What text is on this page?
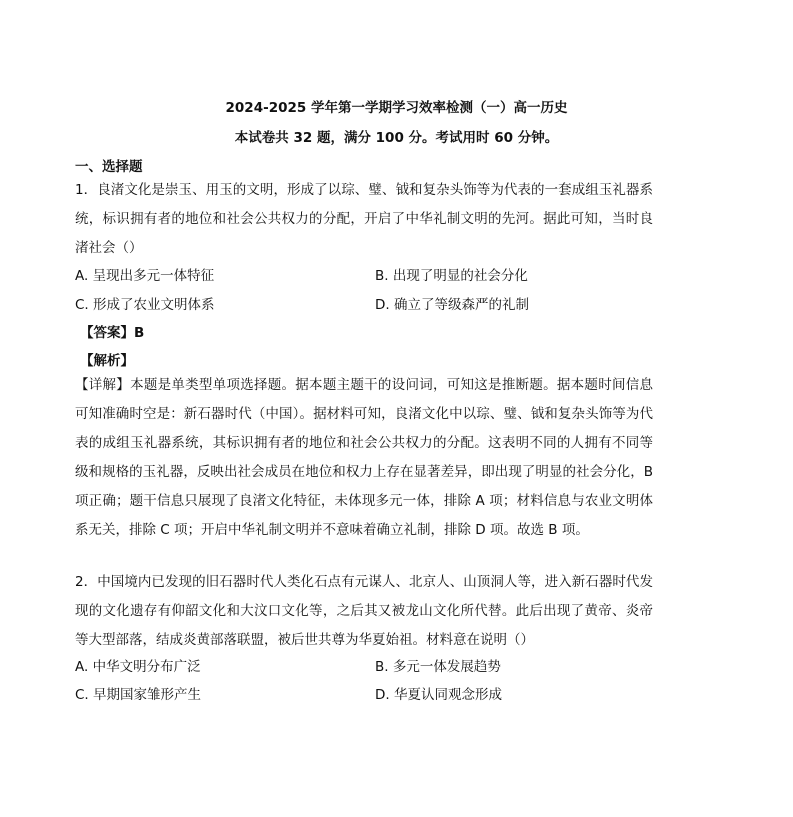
2024-2025 学年第一学期学习效率检测（一）高一历史
本试卷共 32 题，满分 100 分。考试用时 60 分钟。
一、选择题

1．良渚文化是崇玉、用玉的文明，形成了以琮、璧、钺和复杂头饰等为代表的一套成组玉礼器系统，标识拥有者的地位和社会公共权力的分配，开启了中华礼制文明的先河。据此可知，当时良渚社会（）

A. 呈现出多元一体特征	B. 出现了明显的社会分化
C. 形成了农业文明体系	D. 确立了等级森严的礼制
【答案】B
【解析】

【详解】本题是单类型单项选择题。据本题主题干的设问词，可知这是推断题。据本题时间信息可知准确时空是：新石器时代（中国）。据材料可知，良渚文化中以琮、璧、钺和复杂头饰等为代表的成组玉礼器系统，其标识拥有者的地位和社会公共权力的分配。这表明不同的人拥有不同等级和规格的玉礼器，反映出社会成员在地位和权力上存在显著差异，即出现了明显的社会分化，B 项正确；题干信息只展现了良渚文化特征，未体现多元一体，排除 A 项；材料信息与农业文明体系无关，排除 C 项；开启中华礼制文明并不意味着确立礼制，排除 D 项。故选 B 项。

2．中国境内已发现的旧石器时代人类化石点有元谋人、北京人、山顶洞人等，进入新石器时代发现的文化遗存有仰韶文化和大汶口文化等，之后其又被龙山文化所代替。此后出现了黄帝、炎帝等大型部落，结成炎黄部落联盟，被后世共尊为华夏始祖。材料意在说明（）

A. 中华文明分布广泛	B. 多元一体发展趋势
C. 早期国家雏形产生	D. 华夏认同观念形成
